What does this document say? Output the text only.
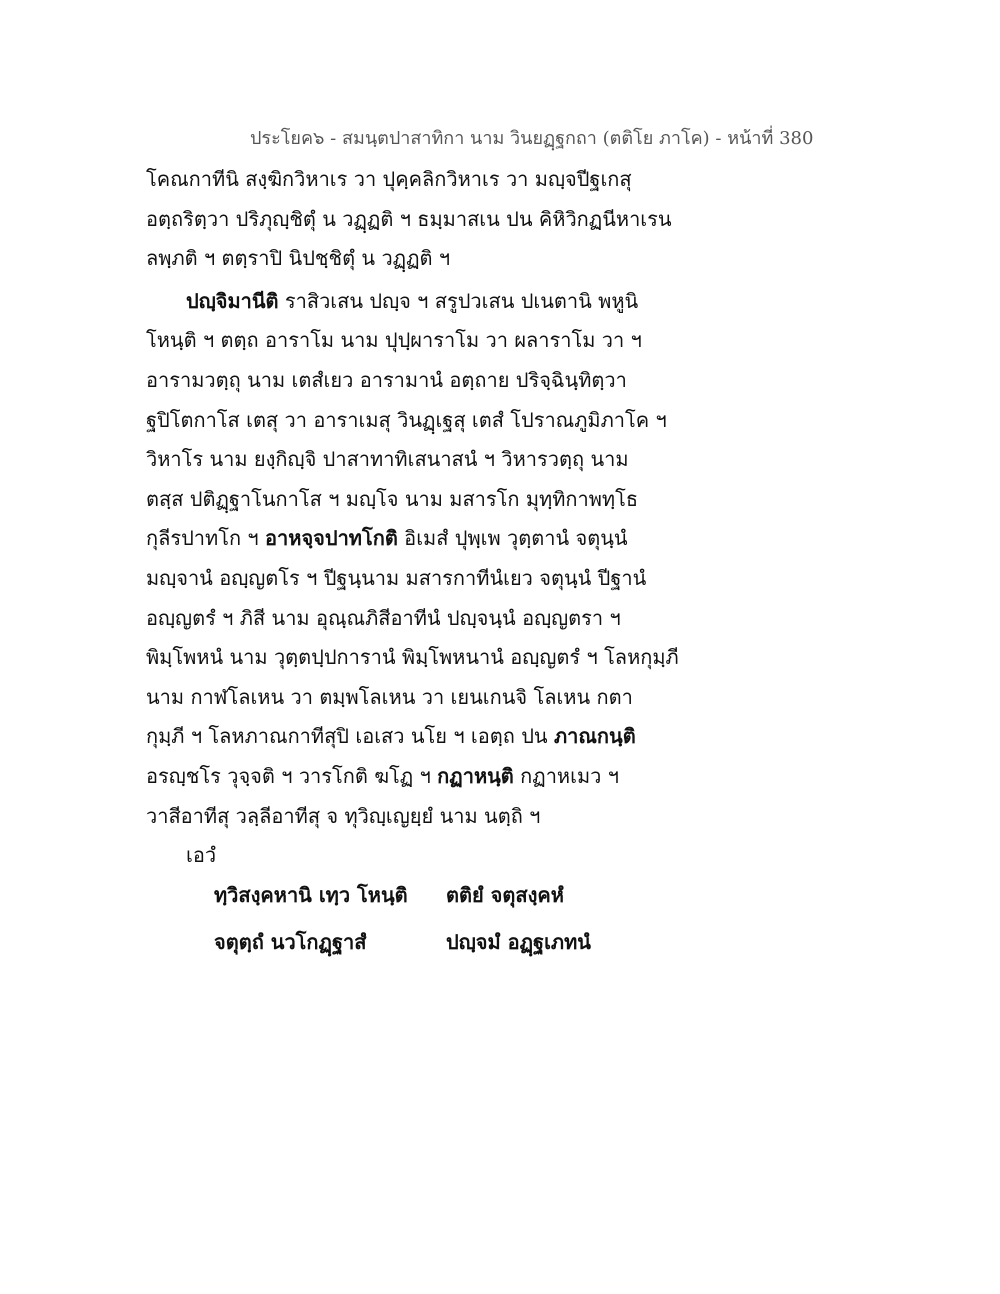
ประโยค๖ - สมนฺตปาสาทิกา นาม วินยฏฺฐกถา (ตติโย ภาโค) - หน้าที่ 380
โคณกาทีนิ สงฺฆิกวิหาเร วา ปุคฺคลิกวิหาเร วา มญฺจปีฐเกสุ
อตฺถริตฺวา ปริภุญฺชิตุํ น วฏฺฏติ ฯ ธมฺมาสเน ปน คิหิวิกฏนีหาเรน
ลพฺภติ ฯ ตตฺราปิ นิปชฺชิตุํ น วฏฺฏติ ฯ
ปญฺจิมานีติ ราสิวเสน ปญฺจ ฯ สรูปวเสน ปเนตานิ พหูนิ
โหนฺติ ฯ ตตฺถ อาราโม นาม ปุปฺผาราโม วา ผลาราโม วา ฯ
อารามวตฺถุ นาม เตสํเยว อารามานํ อตฺถาย ปริจฺฉินฺทิตฺวา
ฐปิโตกาโส เตสุ วา อาราเมสุ วินฏฺเฐสุ เตสํ โปราณภูมิภาโค ฯ
วิหาโร นาม ยงฺกิญฺจิ ปาสาทาทิเสนาสนํ ฯ วิหารวตฺถุ นาม
ตสฺส ปติฏฺฐาโนกาโส ฯ มญฺโจ นาม มสารโก มุทฺทิกาพทฺโธ
กุลีรปาทโก ฯ อาหจฺจปาทโกติ อิเมสํ ปุพฺเพ วุตฺตานํ จตุนฺนํ
มญฺจานํ อญฺญตโร ฯ ปีฐนฺนาม มสารกาทีนํเยว จตุนฺนํ ปีฐานํ
อญฺญตรํ ฯ ภิสี นาม อุณฺณภิสีอาทีนํ ปญฺจนฺนํ อญฺญตรา ฯ
พิมฺโพหนํ นาม วุตฺตปฺปการานํ พิมฺโพหนานํ อญฺญตรํ ฯ โลหกุมฺภี
นาม กาฬโลเหน วา ตมฺพโลเหน วา เยนเกนจิ โลเหน กตา
กุมฺภี ฯ โลหภาณกาทีสุปิ เอเสว นโย ฯ เอตฺถ ปน ภาณกนฺติ
อรญฺชโร วุจฺจติ ฯ วารโกติ ฆโฏ ฯ กฏาหนฺติ กฏาหเมว ฯ
วาสีอาทีสุ วลฺลีอาทีสุ จ ทุวิญฺเญยฺยํ นาม นตฺถิ ฯ
เอวํ
ทฺวิสงฺคหานิ เทฺว โหนฺติ ตติยํ จตุสงฺคหํ
จตุตฺถํ นวโกฏฺฐาสํ	ปญฺจมํ อฏฺฐเภทนํ
